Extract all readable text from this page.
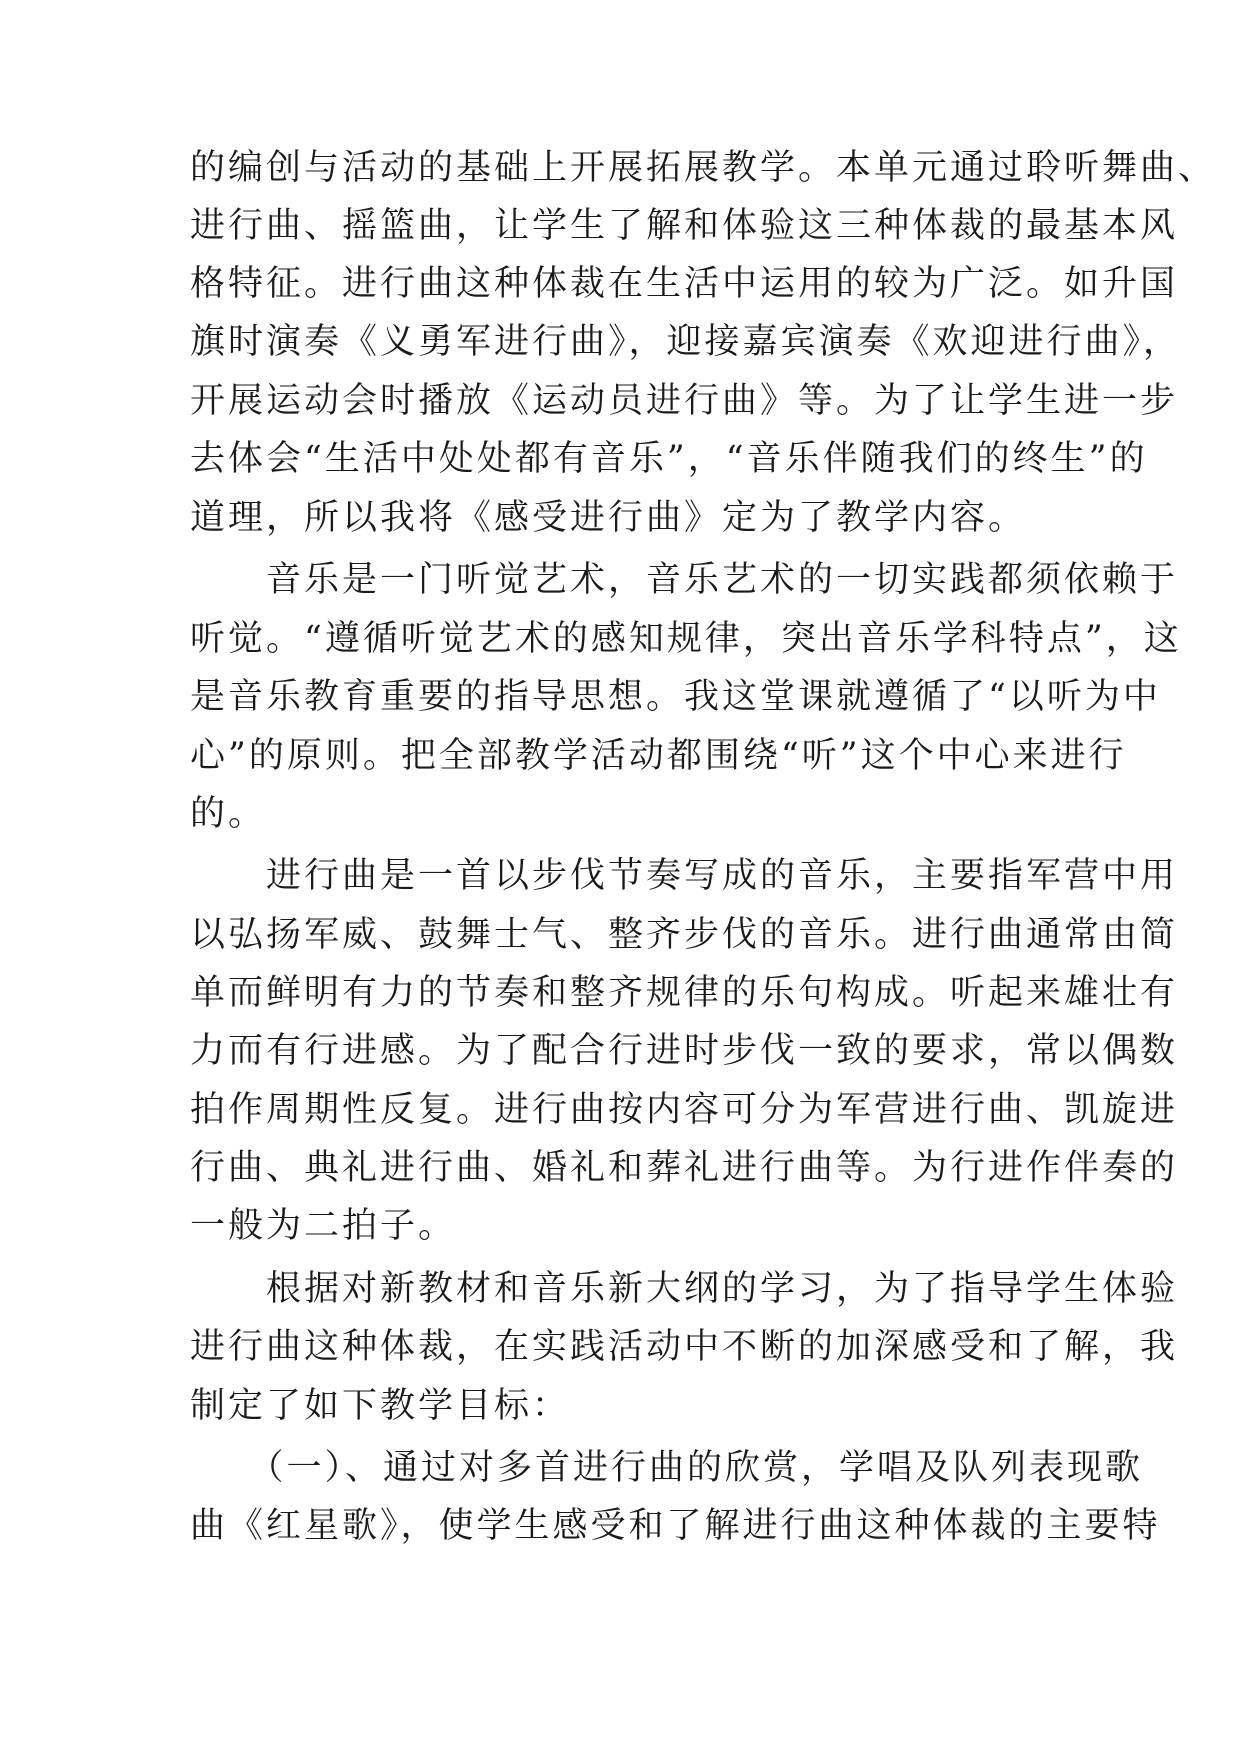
的编创与活动的基础上开展拓展教学。本单元通过聆听舞曲、

进行曲、摇篮曲，让学生了解和体验这三种体裁的最基本风

格特征。进行曲这种体裁在生活中运用的较为广泛。如升国

旗时演奏《义勇军进行曲》，迎接嘉宾演奏《欢迎进行曲》，

开展运动会时播放《运动员进行曲》等。为了让学生进一步

去体会“生活中处处都有音乐”，“音乐伴随我们的终生”的

道理，所以我将《感受进行曲》定为了教学内容。

　　音乐是一门听觉艺术，音乐艺术的一切实践都须依赖于

听觉。“遵循听觉艺术的感知规律，突出音乐学科特点”，这

是音乐教育重要的指导思想。我这堂课就遵循了“以听为中

心”的原则。把全部教学活动都围绕“听”这个中心来进行

的。

　　进行曲是一首以步伐节奏写成的音乐，主要指军营中用

以弘扬军威、鼓舞士气、整齐步伐的音乐。进行曲通常由简

单而鲜明有力的节奏和整齐规律的乐句构成。听起来雄壮有

力而有行进感。为了配合行进时步伐一致的要求，常以偶数

拍作周期性反复。进行曲按内容可分为军营进行曲、凯旋进

行曲、典礼进行曲、婚礼和葬礼进行曲等。为行进作伴奏的

一般为二拍子。

　　根据对新教材和音乐新大纲的学习，为了指导学生体验

进行曲这种体裁，在实践活动中不断的加深感受和了解，我

制定了如下教学目标：

　　（一）、通过对多首进行曲的欣赏，学唱及队列表现歌

曲《红星歌》，使学生感受和了解进行曲这种体裁的主要特
